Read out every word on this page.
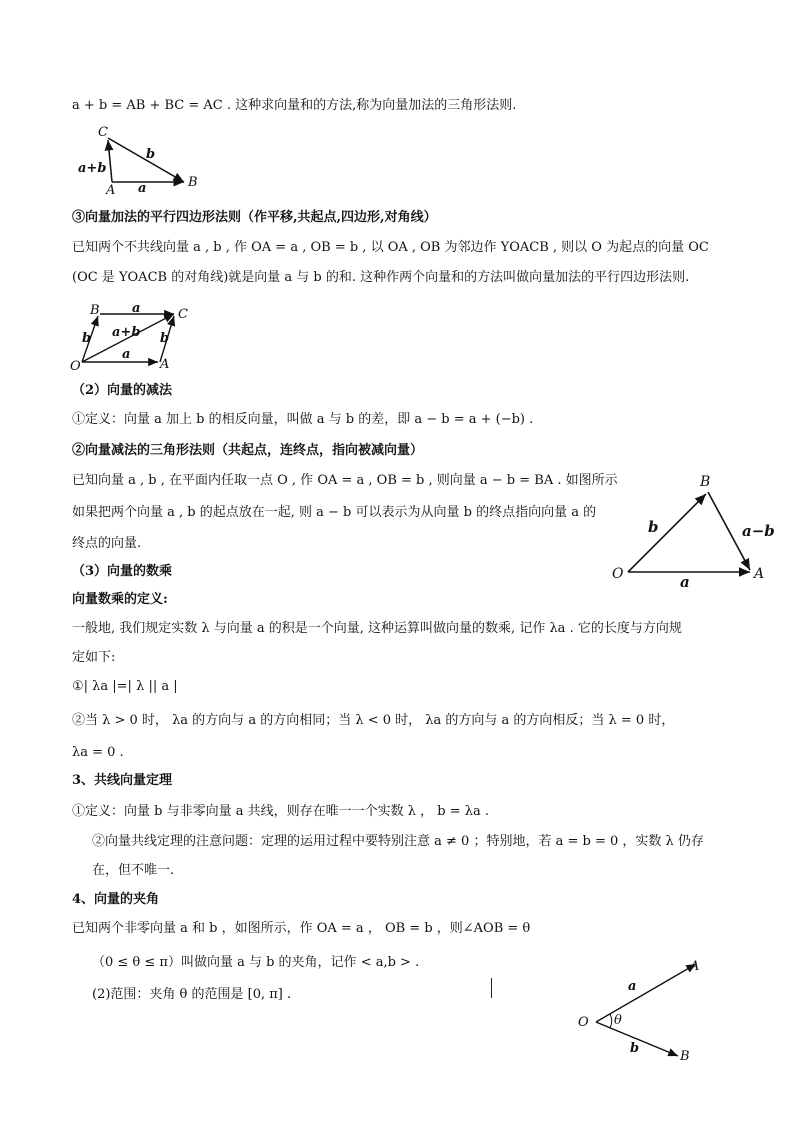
a + b = AB + BC = AC . 这种求向量和的方法,称为向量加法的三角形法则.
C
A
B
b
a
a+b
③向量加法的平行四边形法则（作平移,共起点,四边形,对角线）
已知两个不共线向量 a , b , 作 OA = a , OB = b , 以 OA , OB 为邻边作 YOACB , 则以 O 为起点的向量 OC
(OC 是 YOACB 的对角线)就是向量 a 与 b 的和. 这种作两个向量和的方法叫做向量加法的平行四边形法则.
B	C
O	A
a
a+b
b	b
a
（2）向量的减法
①定义：向量 a 加上 b 的相反向量，叫做 a 与 b 的差，即 a − b = a + (−b) .
②向量减法的三角形法则（共起点，连终点，指向被减向量）
已知向量 a , b , 在平面内任取一点 O , 作 OA = a , OB = b , 则向量 a − b = BA . 如图所示
如果把两个向量 a , b 的起点放在一起, 则 a − b 可以表示为从向量 b 的终点指向向量 a 的
终点的向量.
B
O	A
b	a−b
a
（3）向量的数乘
向量数乘的定义:
一般地, 我们规定实数 λ 与向量 a 的积是一个向量, 这种运算叫做向量的数乘, 记作 λa . 它的长度与方向规
定如下:
①| λa |=| λ || a |
②当 λ > 0 时， λa 的方向与 a 的方向相同；当 λ < 0 时， λa 的方向与 a 的方向相反；当 λ = 0 时，
λa = 0 .
3、共线向量定理
①定义：向量 b 与非零向量 a 共线，则存在唯一一个实数 λ ， b = λa .
②向量共线定理的注意问题：定理的运用过程中要特别注意 a ≠ 0 ；特别地，若 a = b = 0 ，实数 λ 仍存
在，但不唯一.
4、向量的夹角
已知两个非零向量 a 和 b ，如图所示，作 OA = a ， OB = b ，则∠AOB = θ
（0 ≤ θ ≤ π）叫做向量 a 与 b 的夹角，记作 < a,b > .
(2)范围：夹角 θ 的范围是 [0, π] .
A
O
B
a
b
θ
